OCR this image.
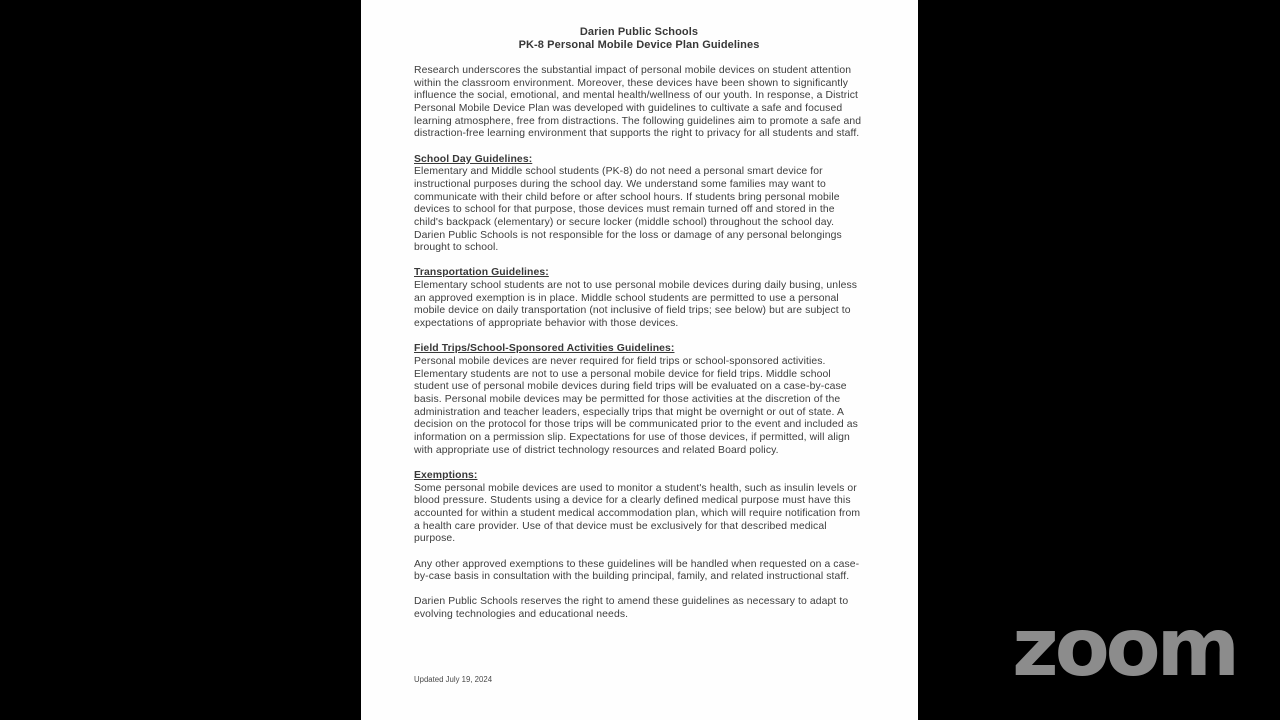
Darien Public Schools
PK-8 Personal Mobile Device Plan Guidelines

Research underscores the substantial impact of personal mobile devices on student attention within the classroom environment. Moreover, these devices have been shown to significantly influence the social, emotional, and mental health/wellness of our youth. In response, a District Personal Mobile Device Plan was developed with guidelines to cultivate a safe and focused learning atmosphere, free from distractions. The following guidelines aim to promote a safe and distraction-free learning environment that supports the right to privacy for all students and staff.

School Day Guidelines:

Elementary and Middle school students (PK-8) do not need a personal smart device for instructional purposes during the school day. We understand some families may want to communicate with their child before or after school hours. If students bring personal mobile devices to school for that purpose, those devices must remain turned off and stored in the child's backpack (elementary) or secure locker (middle school) throughout the school day. Darien Public Schools is not responsible for the loss or damage of any personal belongings brought to school.

Transportation Guidelines:

Elementary school students are not to use personal mobile devices during daily busing, unless an approved exemption is in place. Middle school students are permitted to use a personal mobile device on daily transportation (not inclusive of field trips; see below) but are subject to expectations of appropriate behavior with those devices.

Field Trips/School-Sponsored Activities Guidelines:

Personal mobile devices are never required for field trips or school-sponsored activities. Elementary students are not to use a personal mobile device for field trips. Middle school student use of personal mobile devices during field trips will be evaluated on a case-by-case basis. Personal mobile devices may be permitted for those activities at the discretion of the administration and teacher leaders, especially trips that might be overnight or out of state. A decision on the protocol for those trips will be communicated prior to the event and included as information on a permission slip. Expectations for use of those devices, if permitted, will align with appropriate use of district technology resources and related Board policy.

Exemptions:

Some personal mobile devices are used to monitor a student's health, such as insulin levels or blood pressure. Students using a device for a clearly defined medical purpose must have this accounted for within a student medical accommodation plan, which will require notification from a health care provider. Use of that device must be exclusively for that described medical purpose.

Any other approved exemptions to these guidelines will be handled when requested on a case-by-case basis in consultation with the building principal, family, and related instructional staff.

Darien Public Schools reserves the right to amend these guidelines as necessary to adapt to evolving technologies and educational needs.

Updated July 19, 2024	zoom
